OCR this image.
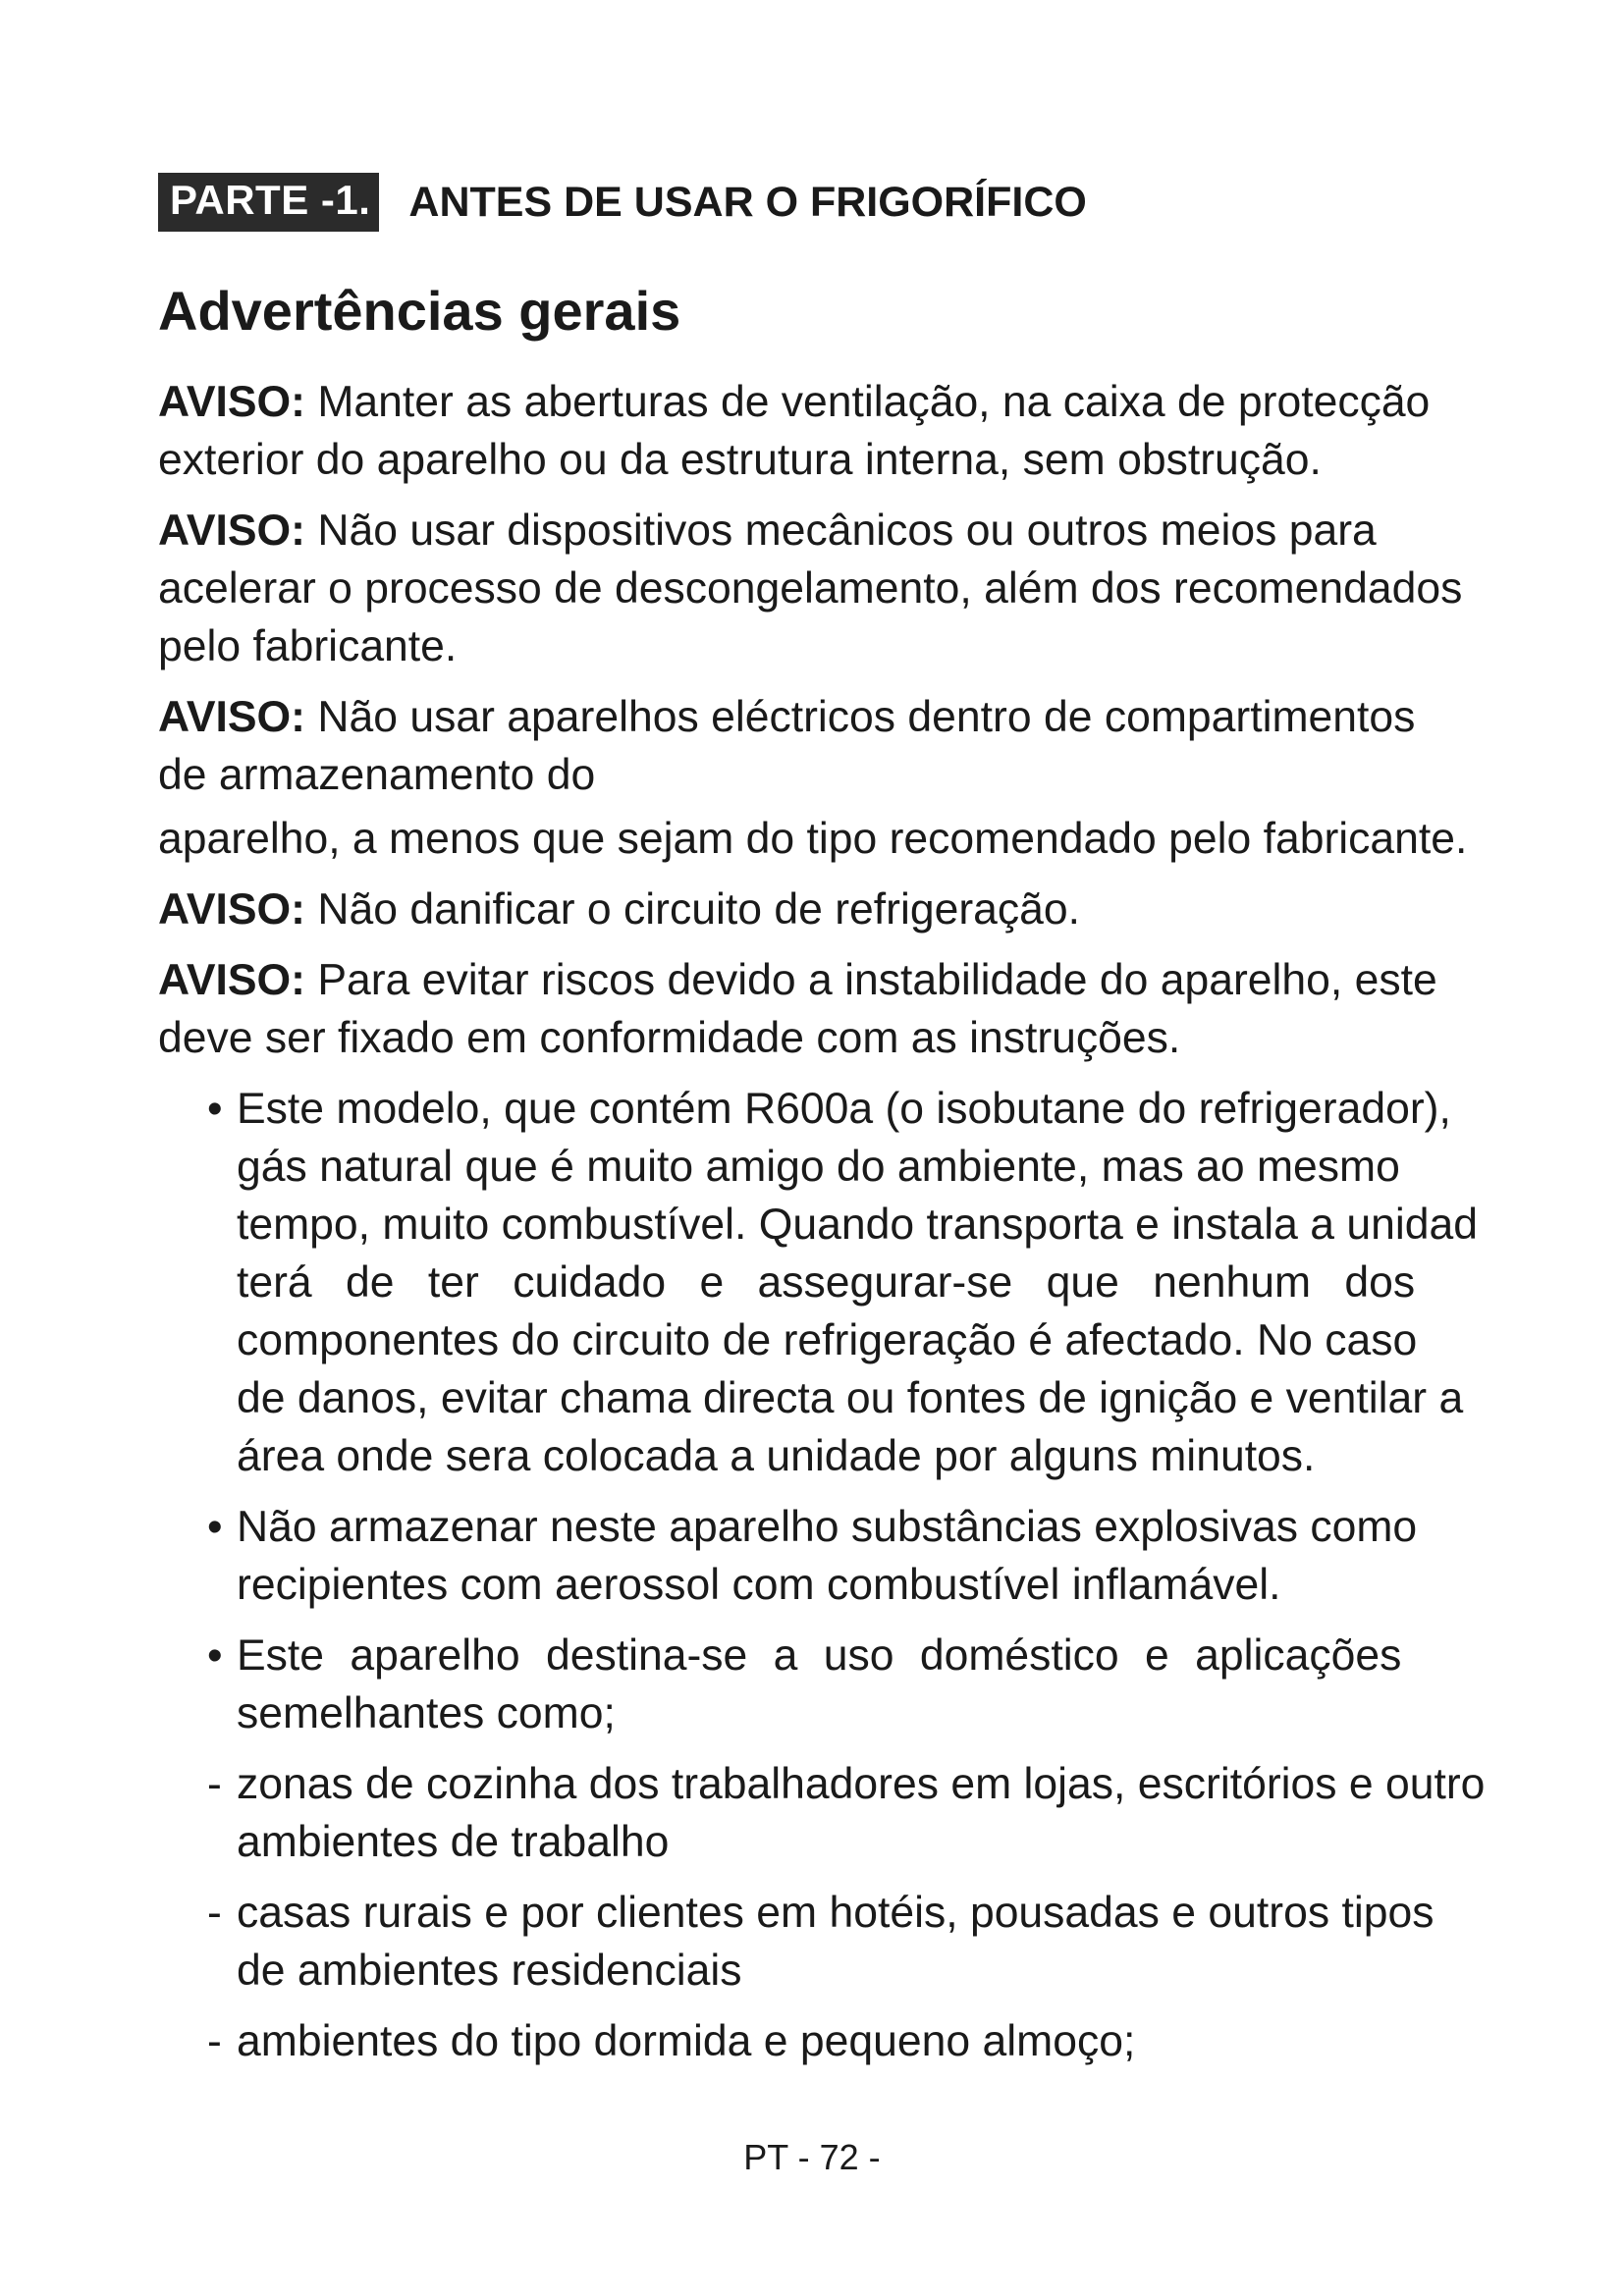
PARTE -1. ANTES DE USAR O FRIGORÍFICO
Advertências gerais

AVISO: Manter as aberturas de ventilação, na caixa de protecção
exterior do aparelho ou da estrutura interna, sem obstrução.

AVISO: Não usar dispositivos mecânicos ou outros meios para
acelerar o processo de descongelamento, além dos recomendados
pelo fabricante.

AVISO: Não usar aparelhos eléctricos dentro de compartimentos
de armazenamento do
aparelho, a menos que sejam do tipo recomendado pelo fabricante.

AVISO: Não danificar o circuito de refrigeração.

AVISO: Para evitar riscos devido a instabilidade do aparelho, este
deve ser fixado em conformidade com as instruções.

• Este modelo, que contém R600a (o isobutane do refrigerador),
gás natural que é muito amigo do ambiente, mas ao mesmo
tempo, muito combustível. Quando transporta e instala a unidad
terá de ter cuidado e assegurar-se que nenhum dos
componentes do circuito de refrigeração é afectado. No caso
de danos, evitar chama directa ou fontes de ignição e ventilar a
área onde sera colocada a unidade por alguns minutos.
• Não armazenar neste aparelho substâncias explosivas como
recipientes com aerossol com combustível inflamável.
• Este aparelho destina-se a uso doméstico e aplicações
semelhantes como;
- zonas de cozinha dos trabalhadores em lojas, escritórios e outro
ambientes de trabalho
- casas rurais e por clientes em hotéis, pousadas e outros tipos
de ambientes residenciais
- ambientes do tipo dormida e pequeno almoço;
PT - 72 -
